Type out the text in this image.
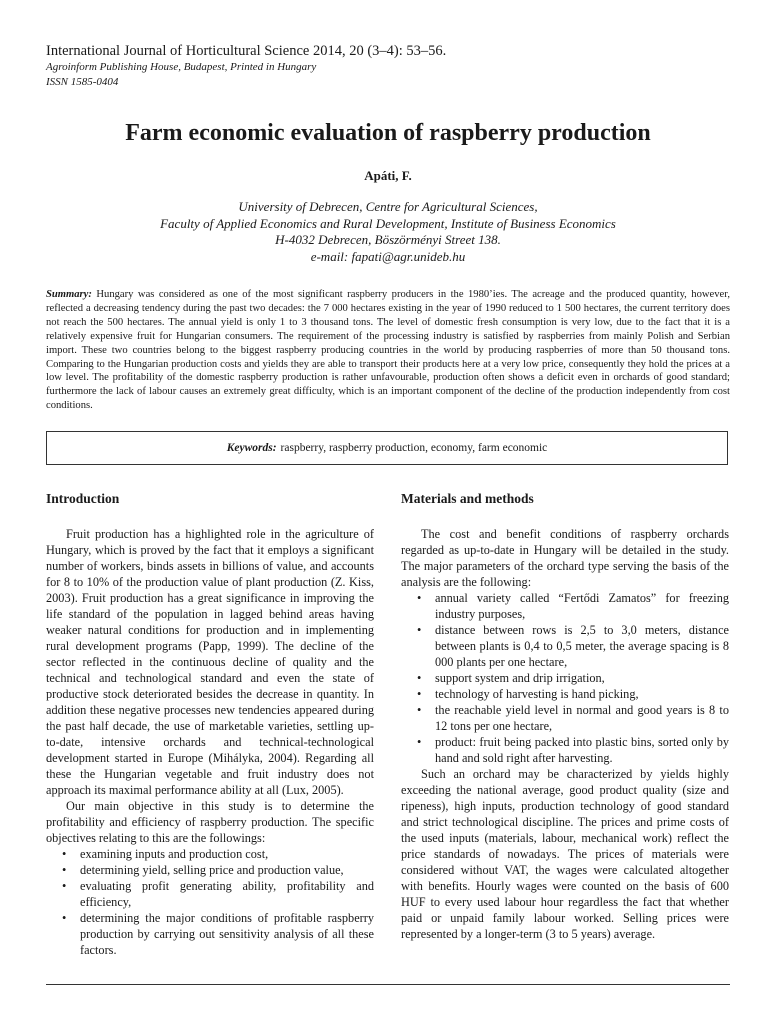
International Journal of Horticultural Science 2014, 20 (3–4): 53–56.
Agroinform Publishing House, Budapest, Printed in Hungary
ISSN 1585-0404
Farm economic evaluation of raspberry production
Apáti, F.
University of Debrecen, Centre for Agricultural Sciences,
Faculty of Applied Economics and Rural Development, Institute of Business Economics
H-4032 Debrecen, Böszörményi Street 138.
e-mail: fapati@agr.unideb.hu

Summary: Hungary was considered as one of the most significant raspberry producers in the 1980’ies. The acreage and the produced quantity, however, reflected a decreasing tendency during the past two decades: the 7 000 hectares existing in the year of 1990 reduced to 1 500 hectares, the current territory does not reach the 500 hectares. The annual yield is only 1 to 3 thousand tons. The level of domestic fresh consumption is very low, due to the fact that it is a relatively expensive fruit for Hungarian consumers. The requirement of the processing industry is satisfied by raspberries from mainly Polish and Serbian import. These two countries belong to the biggest raspberry producing countries in the world by producing raspberries of more than 50 thousand tons. Comparing to the Hungarian production costs and yields they are able to transport their products here at a very low price, consequently they hold the prices at a low level. The profitability of the domestic raspberry production is rather unfavourable, production often shows a deficit even in orchards of good standard; furthermore the lack of labour causes an extremely great difficulty, which is an important component of the decline of the production independently from cost conditions.

Keywords: raspberry, raspberry production, economy, farm economic
Introduction

Fruit production has a highlighted role in the agriculture of Hungary, which is proved by the fact that it employs a significant number of workers, binds assets in billions of value, and accounts for 8 to 10% of the production value of plant production (Z. Kiss, 2003). Fruit production has a great significance in improving the life standard of the population in lagged behind areas having weaker natural conditions for production and in implementing rural development programs (Papp, 1999). The decline of the sector reflected in the continuous decline of quality and the technical and technological standard and even the state of productive stock deteriorated besides the decrease in quantity. In addition these negative processes new tendencies appeared during the past half decade, the use of marketable varieties, settling up-to-date, intensive orchards and technical-technological development started in Europe (Mihályka, 2004). Regarding all these the Hungarian vegetable and fruit industry does not approach its maximal performance ability at all (Lux, 2005).

Our main objective in this study is to determine the profitability and efficiency of raspberry production. The specific objectives relating to this are the followings:

• examining inputs and production cost,
• determining yield, selling price and production value,
• evaluating profit generating ability, profitability and efficiency,
• determining the major conditions of profitable raspberry production by carrying out sensitivity analysis of all these factors.
Materials and methods

The cost and benefit conditions of raspberry orchards regarded as up-to-date in Hungary will be detailed in the study. The major parameters of the orchard type serving the basis of the analysis are the following:

• annual variety called “Fertődi Zamatos” for freezing industry purposes,
• distance between rows is 2,5 to 3,0 meters, distance between plants is 0,4 to 0,5 meter, the average spacing is 8 000 plants per one hectare,
• support system and drip irrigation,
• technology of harvesting is hand picking,
• the reachable yield level in normal and good years is 8 to 12 tons per one hectare,
• product: fruit being packed into plastic bins, sorted only by hand and sold right after harvesting.

Such an orchard may be characterized by yields highly exceeding the national average, good product quality (size and ripeness), high inputs, production technology of good standard and strict technological discipline. The prices and prime costs of the used inputs (materials, labour, mechanical work) reflect the price standards of nowadays. The prices of materials were considered without VAT, the wages were calculated altogether with benefits. Hourly wages were counted on the basis of 600 HUF to every used labour hour regardless the fact that whether paid or unpaid family labour worked. Selling prices were represented by a longer-term (3 to 5 years) average.
